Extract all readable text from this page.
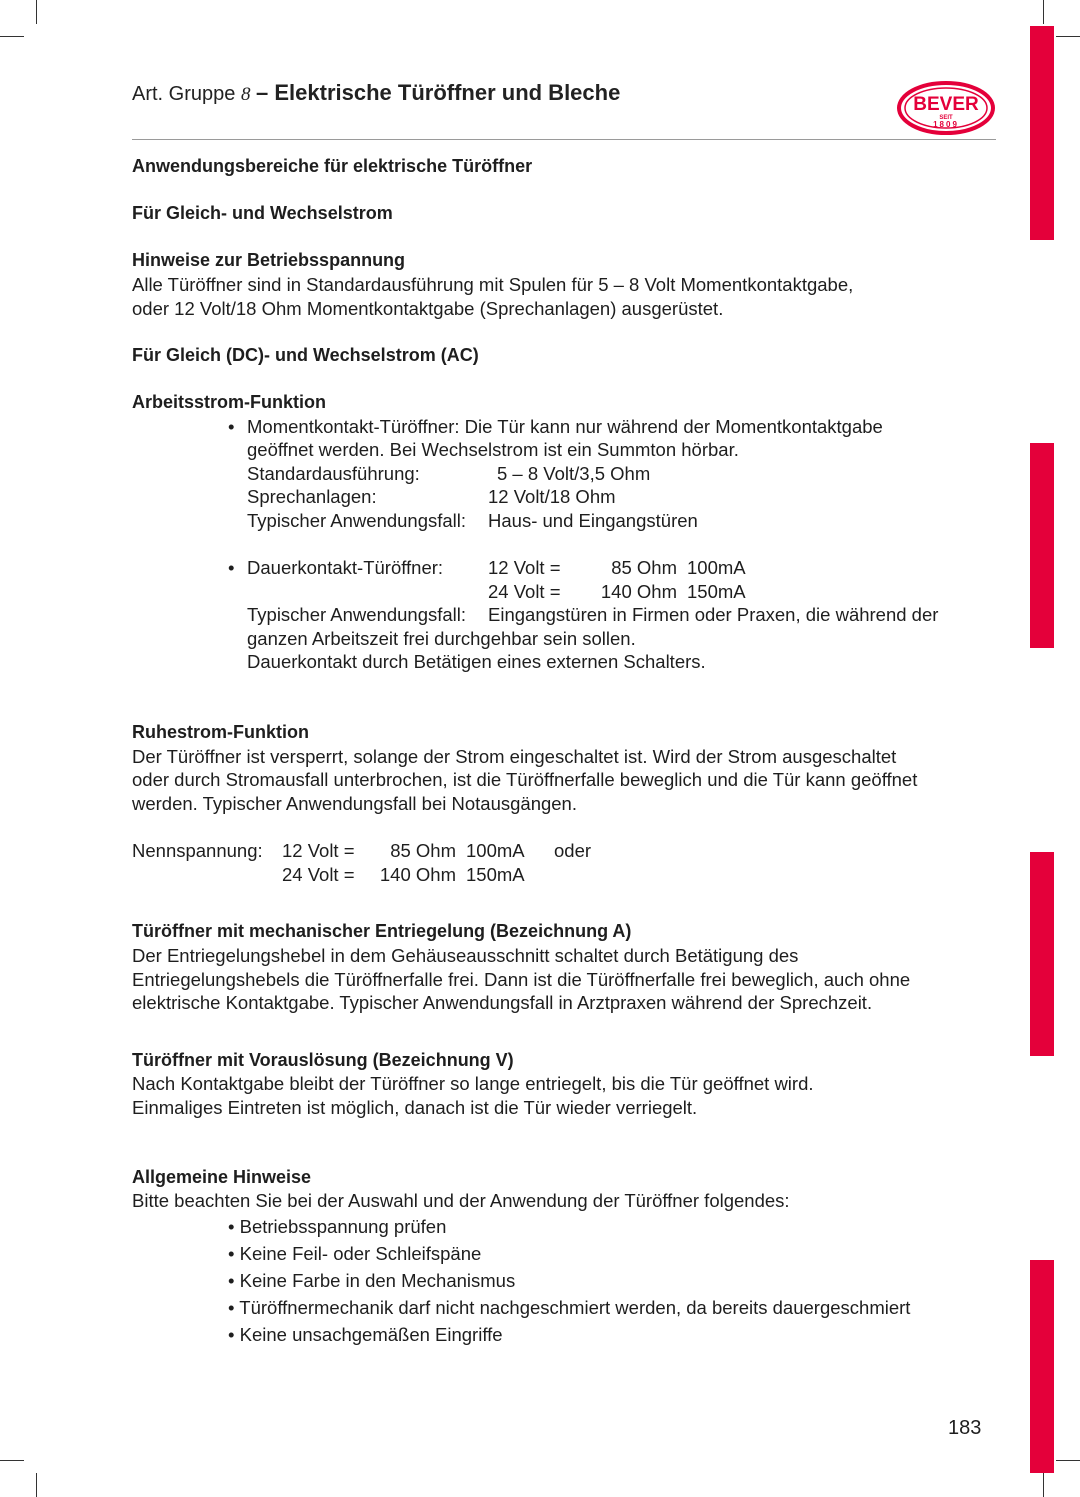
Art. Gruppe 8 – Elektrische Türöffner und Bleche	BEVER
SEIT
1809
Anwendungsbereiche für elektrische Türöffner
Für Gleich- und Wechselstrom
Hinweise zur Betriebsspannung
Alle Türöffner sind in Standardausführung mit Spulen für 5 – 8 Volt Momentkontaktgabe,
oder 12 Volt/18 Ohm Momentkontaktgabe (Sprechanlagen) ausgerüstet.
Für Gleich (DC)- und Wechselstrom (AC)
Arbeitsstrom-Funktion
• Momentkontakt-Türöffner: Die Tür kann nur während der Momentkontaktgabe
geöffnet werden. Bei Wechselstrom ist ein Summton hörbar.
Standardausführung:	5 – 8 Volt/3,5 Ohm
Sprechanlagen:	12 Volt/18 Ohm
Typischer Anwendungsfall:	Haus- und Eingangstüren
• Dauerkontakt-Türöffner:	12 Volt =	85 Ohm 100mA
24 Volt =	140 Ohm 150mA
Typischer Anwendungsfall:	Eingangstüren in Firmen oder Praxen, die während der
ganzen Arbeitszeit frei durchgehbar sein sollen.
Dauerkontakt durch Betätigen eines externen Schalters.
Ruhestrom-Funktion
Der Türöffner ist versperrt, solange der Strom eingeschaltet ist. Wird der Strom ausgeschaltet
oder durch Stromausfall unterbrochen, ist die Türöffnerfalle beweglich und die Tür kann geöffnet
werden. Typischer Anwendungsfall bei Notausgängen.
Nennspannung:	12 Volt =	85 Ohm 100mA	oder
24 Volt =	140 Ohm 150mA
Türöffner mit mechanischer Entriegelung (Bezeichnung A)
Der Entriegelungshebel in dem Gehäuseausschnitt schaltet durch Betätigung des
Entriegelungshebels die Türöffnerfalle frei. Dann ist die Türöffnerfalle frei beweglich, auch ohne
elektrische Kontaktgabe. Typischer Anwendungsfall in Arztpraxen während der Sprechzeit.
Türöffner mit Vorauslösung (Bezeichnung V)
Nach Kontaktgabe bleibt der Türöffner so lange entriegelt, bis die Tür geöffnet wird.
Einmaliges Eintreten ist möglich, danach ist die Tür wieder verriegelt.
Allgemeine Hinweise
Bitte beachten Sie bei der Auswahl und der Anwendung der Türöffner folgendes:
• Betriebsspannung prüfen
• Keine Feil- oder Schleifspäne
• Keine Farbe in den Mechanismus
• Türöffnermechanik darf nicht nachgeschmiert werden, da bereits dauergeschmiert
• Keine unsachgemäßen Eingriffe
183
